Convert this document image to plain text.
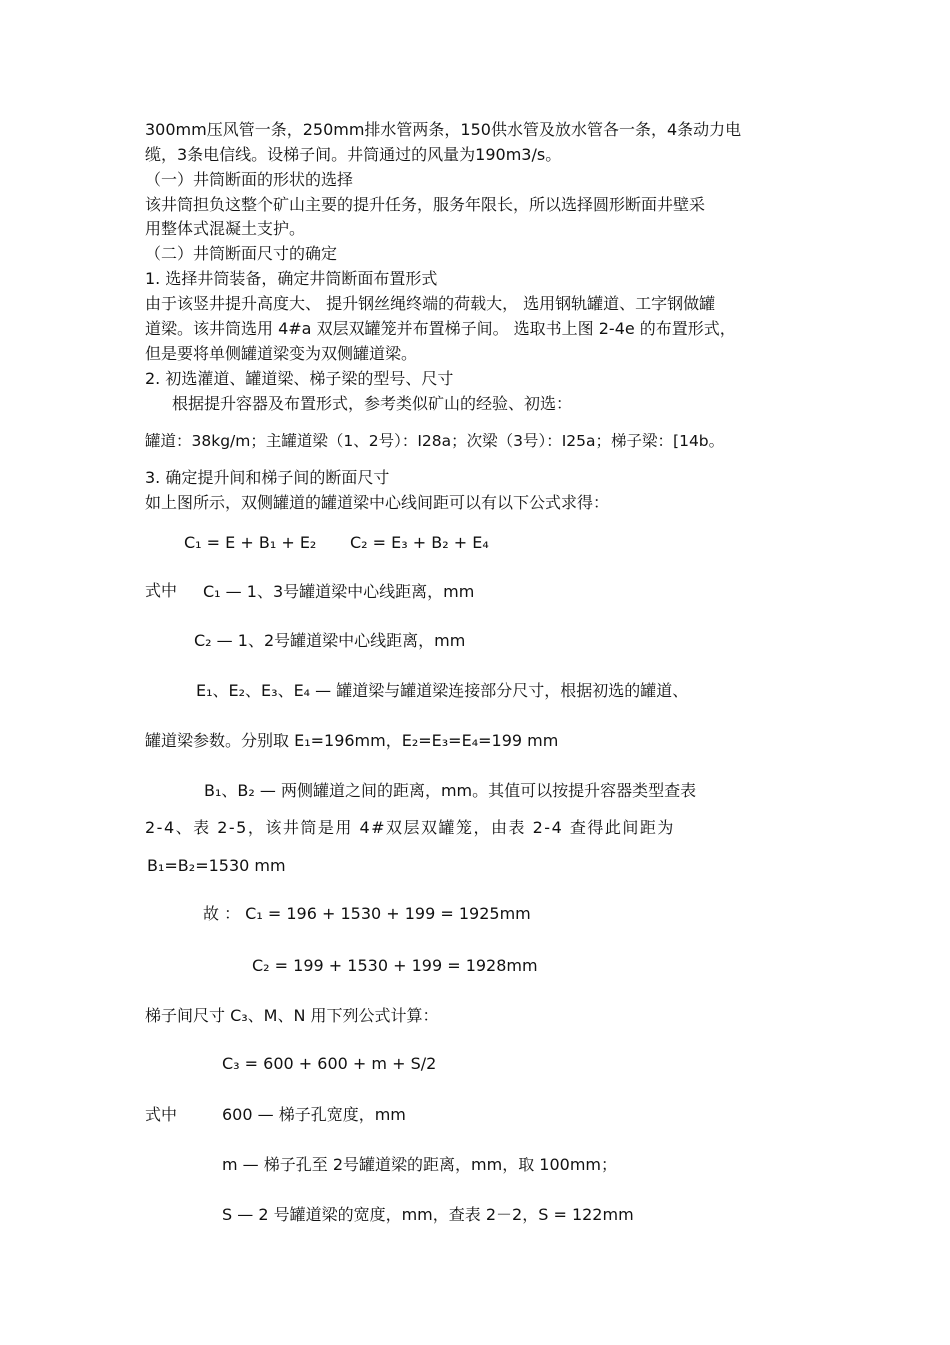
300mm压风管一条，250mm排水管两条，150供水管及放水管各一条，4条动力电
缆，3条电信线。设梯子间。井筒通过的风量为190m3/s。
（一）井筒断面的形状的选择
该井筒担负这整个矿山主要的提升任务，服务年限长，所以选择圆形断面井壁采
用整体式混凝土支护。
（二）井筒断面尺寸的确定
1. 选择井筒装备，确定井筒断面布置形式
由于该竖井提升高度大、 提升钢丝绳终端的荷载大， 选用钢轨罐道、工字钢做罐
道梁。该井筒选用 4#a 双层双罐笼并布置梯子间。 选取书上图 2-4e 的布置形式，
但是要将单侧罐道梁变为双侧罐道梁。
2. 初选灌道、罐道梁、梯子梁的型号、尺寸
根据提升容器及布置形式，参考类似矿山的经验、初选：
罐道：38kg/m；主罐道梁（1、2号）：I28a；次梁（3号）：I25a；梯子梁：[14b。
3. 确定提升间和梯子间的断面尺寸
如上图所示，双侧罐道的罐道梁中心线间距可以有以下公式求得：
C₁ = E + B₁ + E₂ C₂ = E₃ + B₂ + E₄
式中 C₁ — 1、3号罐道梁中心线距离，mm
C₂ — 1、2号罐道梁中心线距离，mm
E₁、E₂、E₃、E₄ — 罐道梁与罐道梁连接部分尺寸，根据初选的罐道、
罐道梁参数。分别取 E₁=196mm，E₂=E₃=E₄=199 mm
B₁、B₂ — 两侧罐道之间的距离，mm。其值可以按提升容器类型查表
2-4、表 2-5，该井筒是用 4#双层双罐笼，由表 2-4 查得此间距为
B₁=B₂=1530 mm
故 ： C₁ = 196 + 1530 + 199 = 1925mm
C₂ = 199 + 1530 + 199 = 1928mm
梯子间尺寸 C₃、M、N 用下列公式计算：
C₃ = 600 + 600 + m + S/2
式中	600 — 梯子孔宽度，mm
m — 梯子孔至 2号罐道梁的距离，mm，取 100mm；
S — 2 号罐道梁的宽度，mm，查表 2－2，S = 122mm
